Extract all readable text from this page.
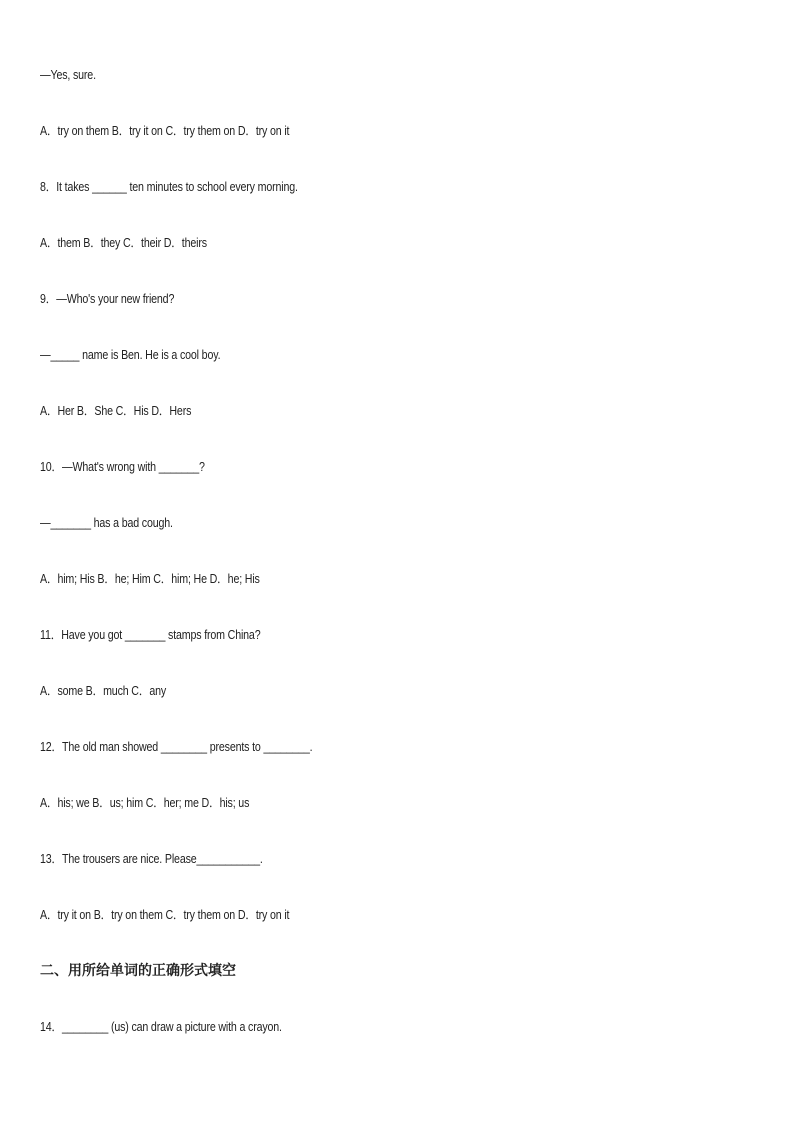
—Yes, sure.
A．try on them B．try it on C．try them on D．try on it
8．It takes ______ ten minutes to school every morning.
A．them B．they C．their D．theirs
9．—Who's your new friend?
—_____ name is Ben. He is a cool boy.
A．Her B．She C．His D．Hers
10．—What's wrong with _______?
—_______ has a bad cough.
A．him; His B．he; Him C．him; He D．he; His
11．Have you got _______ stamps from China?
A．some B．much C．any
12．The old man showed ________ presents to ________.
A．his; we B．us; him C．her; me D．his; us
13．The trousers are nice. Please___________.
A．try it on B．try on them C．try them on D．try on it
二、用所给单词的正确形式填空
14．________ (us) can draw a picture with a crayon.
